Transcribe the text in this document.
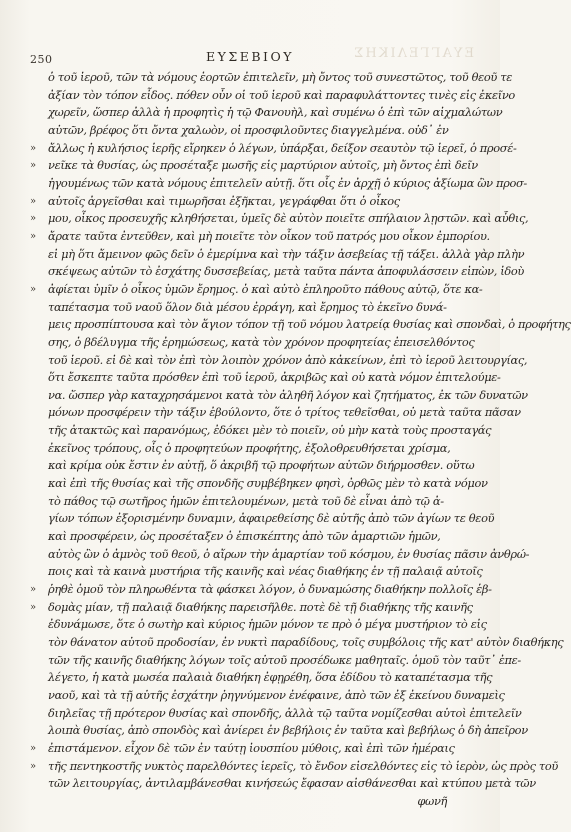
ΕΥΑΓΓΕΛΙΚΗΣ
250	ΕΥΣΕΒΙΟΥ
ὁ τοῦ ἱεροῦ, τῶν τὰ νόμους ἑορτῶν ἐπιτελεῖν, μὴ ὄντος τοῦ συνεστῶτος, τοῦ θεοῦ τε
ἀξίαν τὸν τόπον εἶδος. πόθεν οὖν οἱ τοῦ ἱεροῦ καὶ παραφυλάττοντες τινὲς εἰς ἐκεῖνο
χωρεῖν, ὥσπερ ἀλλὰ ἡ προφητὶς ἡ τῷ Φανουὴλ, καὶ συμένω ὁ ἐπὶ τῶν αἰχμαλώτων
αὐτῶν, βρέφος ὅτι ὄντα χαλωὸν, οἱ προσφιλοῦντες διαγγελμένα. οὐδ᾽ ἐν
»	ἄλλως ἡ κυλήσιος ἱερῆς εἴρηκεν ὁ λέγων, ὑπάρξαι, δείξον σεαυτὸν τῷ ἱερεῖ, ὁ προσέ-
»	νεῖκε τὰ θυσίας, ὡς προσέταξε μωσῆς εἰς μαρτύριον αὐτοῖς, μὴ ὄντος ἐπὶ δεῖν
ἠγουμένως τῶν κατὰ νόμους ἐπιτελεῖν αὐτῇ. ὅτι οἷς ἐν ἀρχῇ ὁ κύριος ἀξίωμα ὢν προσ-
»	αὐτοῖς ἀργεῖσθαι καὶ τιμωρῆσαι ἐξῆκται, γεγράφθαι ὅτι ὁ οἶκος
»	μου, οἶκος προσευχῆς κληθήσεται, ὑμεῖς δὲ αὐτὸν ποιεῖτε σπήλαιον λῃστῶν. καὶ αὖθις,
»	ἄρατε ταῦτα ἐντεῦθεν, καὶ μὴ ποιεῖτε τὸν οἶκον τοῦ πατρός μου οἶκον ἐμπορίου.
εἰ μὴ ὅτι ἄμεινον φῶς δεῖν ὁ ἐμερίμνα καὶ τὴν τάξιν ἀσεβείας τῇ τάξει. ἀλλὰ γὰρ πλὴν
σκέψεως αὐτῶν τὸ ἐσχάτης δυσσεβείας, μετὰ ταῦτα πάντα ἀποφυλάσσειν εἰπὼν, ἰδοὺ
»	ἀφίεται ὑμῖν ὁ οἶκος ὑμῶν ἔρημος. ὁ καὶ αὐτὸ ἐπληροῦτο πάθους αὐτῷ, ὅτε κα-
ταπέτασμα τοῦ ναοῦ ὅλον διὰ μέσου ἐρράγη, καὶ ἔρημος τὸ ἐκεῖνο δυνά-
μεις προσπίπτουσα καὶ τὸν ἅγιον τόπον τῇ τοῦ νόμου λατρείᾳ θυσίας καὶ σπονδαὶ, ὁ προφήτης
σης, ὁ βδέλυγμα τῆς ἐρημώσεως, κατὰ τὸν χρόνον προφητείας ἐπεισελθόντος
τοῦ ἱεροῦ. εἰ δὲ καὶ τὸν ἐπὶ τὸν λοιπὸν χρόνον ἀπὸ κἀκείνων, ἐπὶ τὸ ἱεροῦ λειτουργίας,
ὅτι ἔσκεπτε ταῦτα πρόσθεν ἐπὶ τοῦ ἱεροῦ, ἀκριβῶς καὶ οὐ κατὰ νόμον ἐπιτελούμε-
να. ὥσπερ γὰρ καταχρησάμενοι κατὰ τὸν ἀληθῆ λόγον καὶ ζητήματος, ἐκ τῶν δυνατῶν
μόνων προσφέρειν τὴν τάξιν ἐβούλοντο, ὅτε ὁ τρίτος τεθεῖσθαι, οὐ μετὰ ταῦτα πᾶσαν
τῆς ἀτακτῶς καὶ παρανόμως, ἐδόκει μὲν τὸ ποιεῖν, οὐ μὴν κατὰ τοὺς προσταγάς
ἐκεῖνος τρόπους, οἷς ὁ προφητεύων προφήτης, ἐξολοθρευθήσεται χρίσμα,
καὶ κρίμα οὐκ ἔστιν ἐν αὐτῇ, ὅ ἀκριβῆ τῷ προφήτων αὐτῶν διήρμοσθεν. οὕτω
καὶ ἐπὶ τῆς θυσίας καὶ τῆς σπονδῆς συμβέβηκεν φησὶ, ὀρθῶς μὲν τὸ κατὰ νόμον
τὸ πάθος τῷ σωτῆρος ἡμῶν ἐπιτελουμένων, μετὰ τοῦ δὲ εἶναι ἀπὸ τῷ ἀ-
γίων τόπων ἐξορισμένην δυναμιν, ἀφαιρεθείσης δὲ αὐτῆς ἀπὸ τῶν ἀγίων τε θεοῦ
καὶ προσφέρειν, ὡς προσέταξεν ὁ ἐπισκέπτης ἀπὸ τῶν ἁμαρτιῶν ἡμῶν,
αὐτὸς ὢν ὁ ἀμνὸς τοῦ θεοῦ, ὁ αἴρων τὴν ἁμαρτίαν τοῦ κόσμου, ἐν θυσίας πᾶσιν ἀνθρώ-
ποις καὶ τὰ καινὰ μυστήρια τῆς καινῆς καὶ νέας διαθήκης ἐν τῇ παλαιᾷ αὐτοῖς
»	ῥηθὲ ὁμοῦ τὸν πληρωθέντα τὰ φάσκει λόγον, ὁ δυναμώσης διαθήκην πολλοῖς ἑβ-
»	δομὰς μίαν, τῇ παλαιᾷ διαθήκης παρεισῆλθε. ποτὲ δὲ τῇ διαθήκης τῆς καινῆς
ἐδυνάμωσε, ὅτε ὁ σωτὴρ καὶ κύριος ἡμῶν μόνον τε πρὸ ὁ μέγα μυστήριον τὸ εἰς
τὸν θάνατον αὐτοῦ προδοσίαν, ἐν νυκτὶ παραδίδους, τοῖς συμβόλοις τῆς κατ' αὐτὸν διαθήκης
τῶν τῆς καινῆς διαθήκης λόγων τοῖς αὐτοῦ προσέδωκε μαθηταῖς. ὁμοῦ τὸν ταῦτ᾽ ἐπε-
λέγετο, ἡ κατὰ μωσέα παλαιὰ διαθήκη ἐφῃρέθη, ὅσα ἐδίδου τὸ καταπέτασμα τῆς
ναοῦ, καὶ τὰ τῇ αὐτῆς ἐσχάτην ῥηγνύμενον ἐνέφαινε, ἀπὸ τῶν ἐξ ἐκείνου δυναμεὶς
διηλεῖας τῇ πρότερον θυσίας καὶ σπονδῆς, ἀλλὰ τῷ ταῦτα νομίζεσθαι αὐτοὶ ἐπιτελεῖν
λοιπὰ θυσίας, ἀπὸ σπονδὸς καὶ ἀνίερει ἐν βεβήλοις ἐν ταῦτα καὶ βεβήλως ὁ δὴ ἀπεῖρον
»	ἐπιστάμενον. εἶχον δὲ τῶν ἐν ταύτῃ ἰουσπίου μύθοις, καὶ ἐπὶ τῶν ἡμέραις
»	τῆς πεντηκοστῆς νυκτὸς παρελθόντες ἱερεῖς, τὸ ἔνδον εἰσελθόντες εἰς τὸ ἱερὸν, ὡς πρὸς τοῦ
τῶν λειτουργίας, ἀντιλαμβάνεσθαι κινήσεώς ἔφασαν αἰσθάνεσθαι καὶ κτύπου μετὰ τῶν
φωνῆ
